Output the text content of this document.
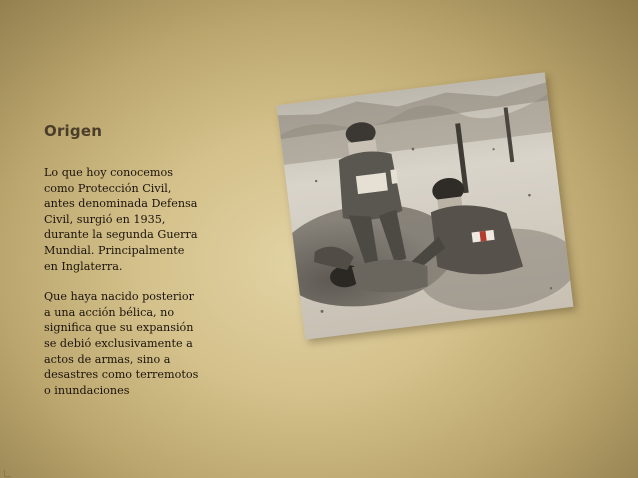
Origen

Lo que hoy conocemos
como Protección Civil,
antes denominada Defensa
Civil, surgió en 1935,
durante la segunda Guerra
Mundial. Principalmente
en Inglaterra.

Que haya nacido posterior
a una acción bélica, no
significa que su expansión
se debió exclusivamente a
actos de armas, sino a
desastres como terremotos
o inundaciones
